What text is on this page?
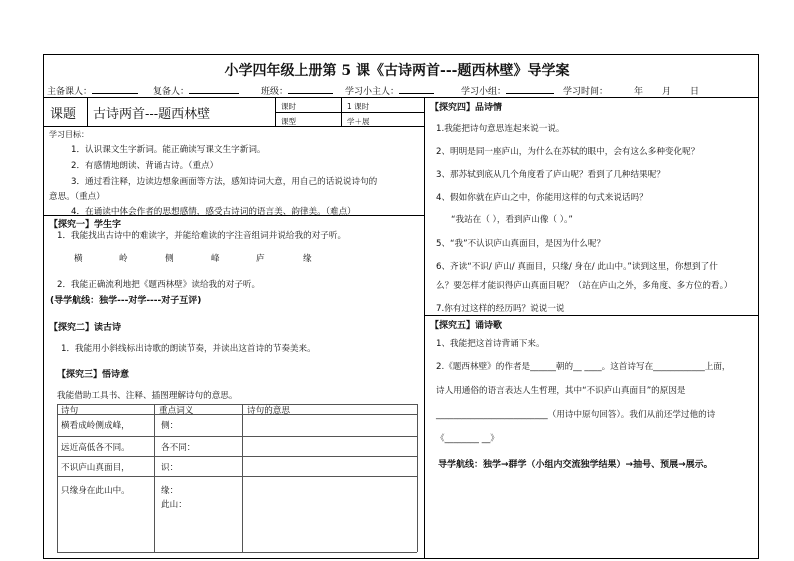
小学四年级上册第 5 课《古诗两首---题西林壁》导学案
主备课人：	复备人：	班级：	学习小主人：	学习小组：	学习时间：	年 月 日
课题 古诗两首---题西林壁
课时	1 课时
课型	学＋展
学习目标：
1．认识课文生字新词。能正确读写课文生字新词。
2．有感情地朗读、背诵古诗。（重点）
3．通过看注释，边读边想象画面等方法，感知诗词大意，用自己的话说说诗句的
意思。（重点）
4．在诵读中体会作者的思想感情，感受古诗词的语言美、韵律美。（难点）
【探究一】学生字
1．我能找出古诗中的难读字，并能给难读的字注音组词并说给我的对子听。
横	岭	侧	峰	庐	缘
2．我能正确流利地把《题西林壁》读给我的对子听。
(导学航线：独学---对学----对子互评)
【探究二】读古诗
1．我能用小斜线标出诗歌的朗读节奏，并读出这首诗的节奏美来。
【探究三】悟诗意
我能借助工具书、注释、插图理解诗句的意思。
诗句	重点词义	诗句的意思
横看成岭侧成峰，	侧：
远近高低各不同。	各不同：
不识庐山真面目，	识：
只缘身在此山中。	缘：
此山：
【探究四】品诗情
1.我能把诗句意思连起来说一说。
2、明明是同一座庐山，为什么在苏轼的眼中，会有这么多种变化呢？
3、那苏轼到底从几个角度看了庐山呢？看到了几种结果呢？
4、假如你就在庐山之中，你能用这样的句式来说话吗？
“我站在（ ），看到庐山像（ ）。”
5、“我”不认识庐山真面目，是因为什么呢？
6、齐读“不识/ 庐山/ 真面目，只缘/ 身在/ 此山中。”读到这里，你想到了什
么？要怎样才能识得庐山真面目呢？（站在庐山之外，多角度、多方位的看。）
7.你有过这样的经历吗？说说一说
【探究五】诵诗歌
1、我能把这首诗背诵下来。
2.《题西林壁》的作者是______朝的__ ____。这首诗写在____________上面，
诗人用通俗的语言表达人生哲理，其中“不识庐山真面目”的原因是
__________________________（用诗中原句回答）。我们从前还学过他的诗
《________ __》
导学航线：独学→群学（小组内交流独学结果）→抽号、预展→展示。
